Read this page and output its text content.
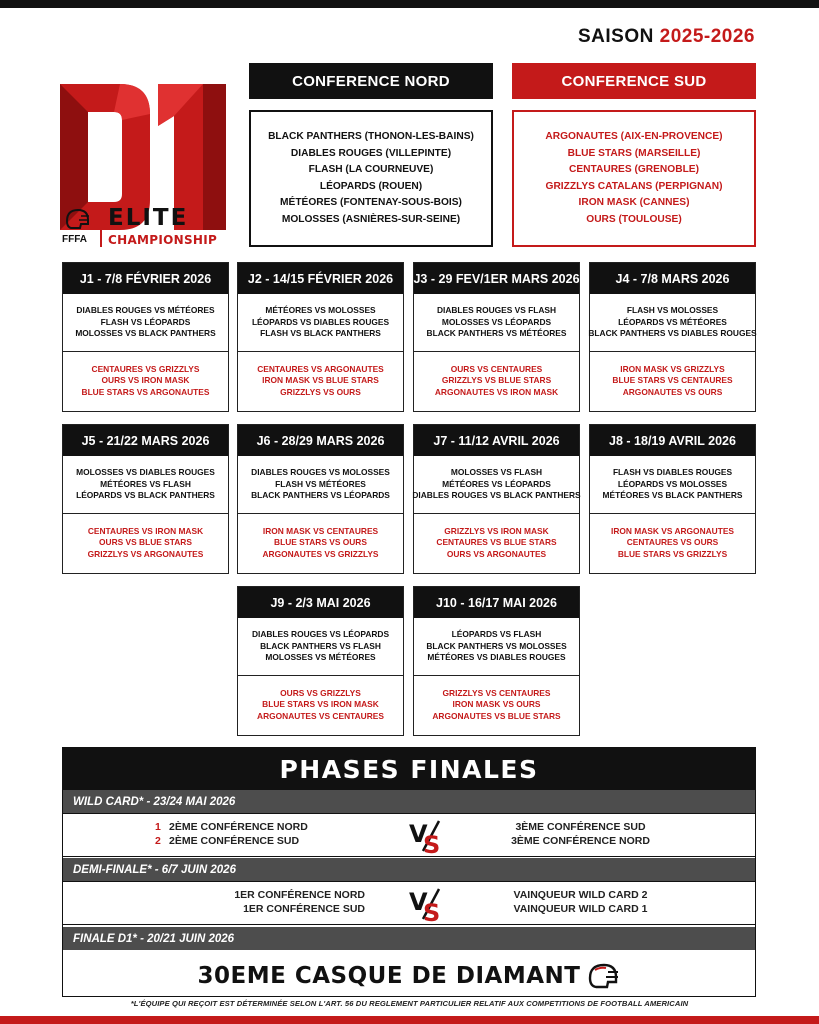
SAISON 2025-2026
FFFA
ELITE
CHAMPIONSHIP
CONFERENCE NORD	CONFERENCE SUD
BLACK PANTHERS (THONON-LES-BAINS)
DIABLES ROUGES (VILLEPINTE)
FLASH (LA COURNEUVE)
LÉOPARDS (ROUEN)
MÉTÉORES (FONTENAY-SOUS-BOIS)
MOLOSSES (ASNIÈRES-SUR-SEINE)
ARGONAUTES (AIX-EN-PROVENCE)
BLUE STARS (MARSEILLE)
CENTAURES (GRENOBLE)
GRIZZLYS CATALANS (PERPIGNAN)
IRON MASK (CANNES)
OURS (TOULOUSE)
J1 - 7/8 FÉVRIER 2026
DIABLES ROUGES VS MÉTÉORES
FLASH VS LÉOPARDS
MOLOSSES VS BLACK PANTHERS
CENTAURES VS GRIZZLYS
OURS VS IRON MASK
BLUE STARS VS ARGONAUTES
J2 - 14/15 FÉVRIER 2026
MÉTÉORES VS MOLOSSES
LÉOPARDS VS DIABLES ROUGES
FLASH VS BLACK PANTHERS
CENTAURES VS ARGONAUTES
IRON MASK VS BLUE STARS
GRIZZLYS VS OURS
J3 - 29 FEV/1ER MARS 2026
DIABLES ROUGES VS FLASH
MOLOSSES VS LÉOPARDS
BLACK PANTHERS VS MÉTÉORES
OURS VS CENTAURES
GRIZZLYS VS BLUE STARS
ARGONAUTES VS IRON MASK
J4 - 7/8 MARS 2026
FLASH VS MOLOSSES
LÉOPARDS VS MÉTÉORES
BLACK PANTHERS VS DIABLES ROUGES
IRON MASK VS GRIZZLYS
BLUE STARS VS CENTAURES
ARGONAUTES VS OURS
J5 - 21/22 MARS 2026
MOLOSSES VS DIABLES ROUGES
MÉTÉORES VS FLASH
LÉOPARDS VS BLACK PANTHERS
CENTAURES VS IRON MASK
OURS VS BLUE STARS
GRIZZLYS VS ARGONAUTES
J6 - 28/29 MARS 2026
DIABLES ROUGES VS MOLOSSES
FLASH VS MÉTÉORES
BLACK PANTHERS VS LÉOPARDS
IRON MASK VS CENTAURES
BLUE STARS VS OURS
ARGONAUTES VS GRIZZLYS
J7 - 11/12 AVRIL 2026
MOLOSSES VS FLASH
MÉTÉORES VS LÉOPARDS
DIABLES ROUGES VS BLACK PANTHERS
GRIZZLYS VS IRON MASK
CENTAURES VS BLUE STARS
OURS VS ARGONAUTES
J8 - 18/19 AVRIL 2026
FLASH VS DIABLES ROUGES
LÉOPARDS VS MOLOSSES
MÉTÉORES VS BLACK PANTHERS
IRON MASK VS ARGONAUTES
CENTAURES VS OURS
BLUE STARS VS GRIZZLYS
J9 - 2/3 MAI 2026
DIABLES ROUGES VS LÉOPARDS
BLACK PANTHERS VS FLASH
MOLOSSES VS MÉTÉORES
OURS VS GRIZZLYS
BLUE STARS VS IRON MASK
ARGONAUTES VS CENTAURES
J10 - 16/17 MAI 2026
LÉOPARDS VS FLASH
BLACK PANTHERS VS MOLOSSES
MÉTÉORES VS DIABLES ROUGES
GRIZZLYS VS CENTAURES
IRON MASK VS OURS
ARGONAUTES VS BLUE STARS
PHASES FINALES
WILD CARD* - 23/24 MAI 2026
1 2ÈME CONFÉRENCE NORD
2 2ÈME CONFÉRENCE SUD	V
S
3ÈME CONFÉRENCE SUD
3ÈME CONFÉRENCE NORD
DEMI-FINALE* - 6/7 JUIN 2026
1ER CONFÉRENCE NORD
1ER CONFÉRENCE SUD V
S
VAINQUEUR WILD CARD 2
VAINQUEUR WILD CARD 1
FINALE D1* - 20/21 JUIN 2026
30EME CASQUE DE DIAMANT
*L'ÉQUIPE QUI REÇOIT EST DÉTERMINÉE SELON L'ART. 56 DU REGLEMENT PARTICULIER RELATIF AUX COMPETITIONS DE FOOTBALL AMERICAIN
